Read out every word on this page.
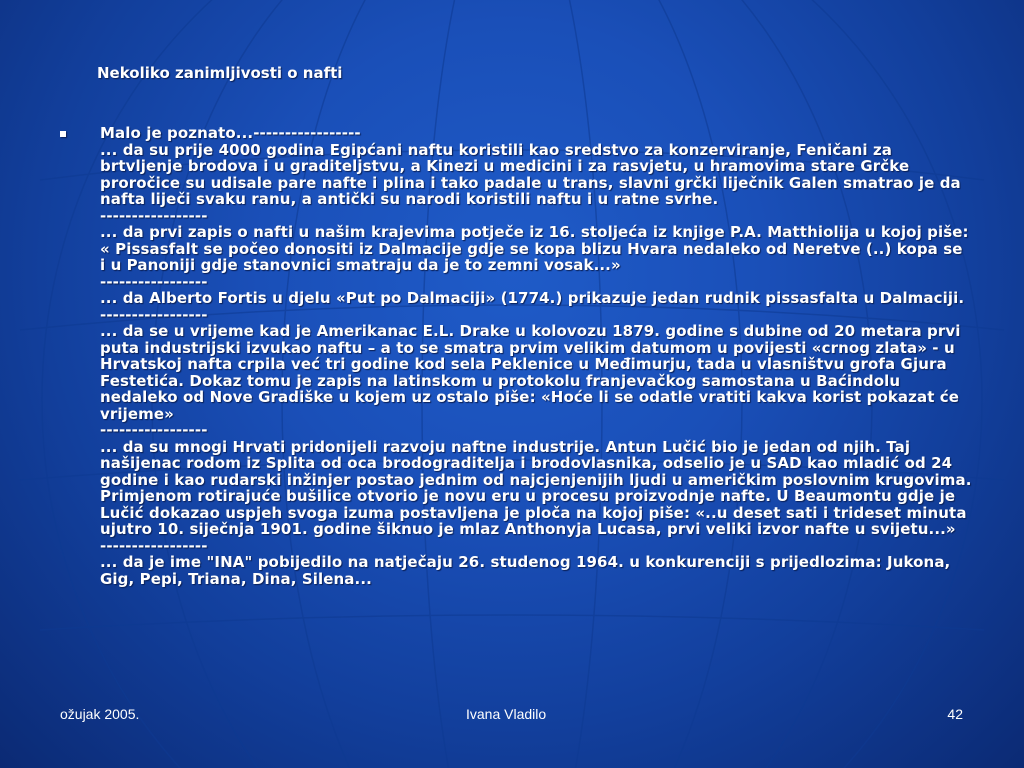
Nekoliko zanimljivosti o nafti

Malo je poznato...-----------------

... da su prije 4000 godina Egipćani naftu koristili kao sredstvo za konzerviranje, Feničani za brtvljenje brodova i u graditeljstvu, a Kinezi u medicini i za rasvjetu, u hramovima stare Grčke proročice su udisale pare nafte i plina i tako padale u trans, slavni grčki liječnik Galen smatrao je da nafta liječi svaku ranu, a antički su narodi koristili naftu i u ratne svrhe.

-----------------

... da prvi zapis o nafti u našim krajevima potječe iz 16. stoljeća iz knjige P.A. Matthiolija u kojoj piše: « Pissasfalt se počeo donositi iz Dalmacije gdje se kopa blizu Hvara nedaleko od Neretve (..) kopa se i u Panoniji gdje stanovnici smatraju da je to zemni vosak...»

-----------------

... da Alberto Fortis u djelu «Put po Dalmaciji» (1774.) prikazuje jedan rudnik pissasfalta u Dalmaciji.

-----------------

... da se u vrijeme kad je Amerikanac E.L. Drake u kolovozu 1879. godine s dubine od 20 metara prvi puta industrijski izvukao naftu – a to se smatra prvim velikim datumom u povijesti «crnog zlata» - u Hrvatskoj nafta crpila već tri godine kod sela Peklenice u Međimurju, tada u vlasništvu grofa Gjura Festetića. Dokaz tomu je zapis na latinskom u protokolu franjevačkog samostana u Baćindolu nedaleko od Nove Gradiške u kojem uz ostalo piše: «Hoće li se odatle vratiti kakva korist pokazat će vrijeme»

-----------------

... da su mnogi Hrvati pridonijeli razvoju naftne industrije. Antun Lučić bio je jedan od njih. Taj našijenac rodom iz Splita od oca brodograditelja i brodovlasnika, odselio je u SAD kao mladić od 24 godine i kao rudarski inžinjer postao jednim od najcjenjenijih ljudi u američkim poslovnim krugovima. Primjenom rotirajuće bušilice otvorio je novu eru u procesu proizvodnje nafte. U Beaumontu gdje je Lučić dokazao uspjeh svoga izuma postavljena je ploča na kojoj piše: «..u deset sati i trideset minuta ujutro 10. siječnja 1901. godine šiknuo je mlaz Anthonyja Lucasa, prvi veliki izvor nafte u svijetu...»

-----------------

... da je ime "INA" pobijedilo na natječaju 26. studenog 1964. u konkurenciji s prijedlozima: Jukona, Gig, Pepi, Triana, Dina, Silena...

ožujak 2005.	Ivana Vladilo	42
